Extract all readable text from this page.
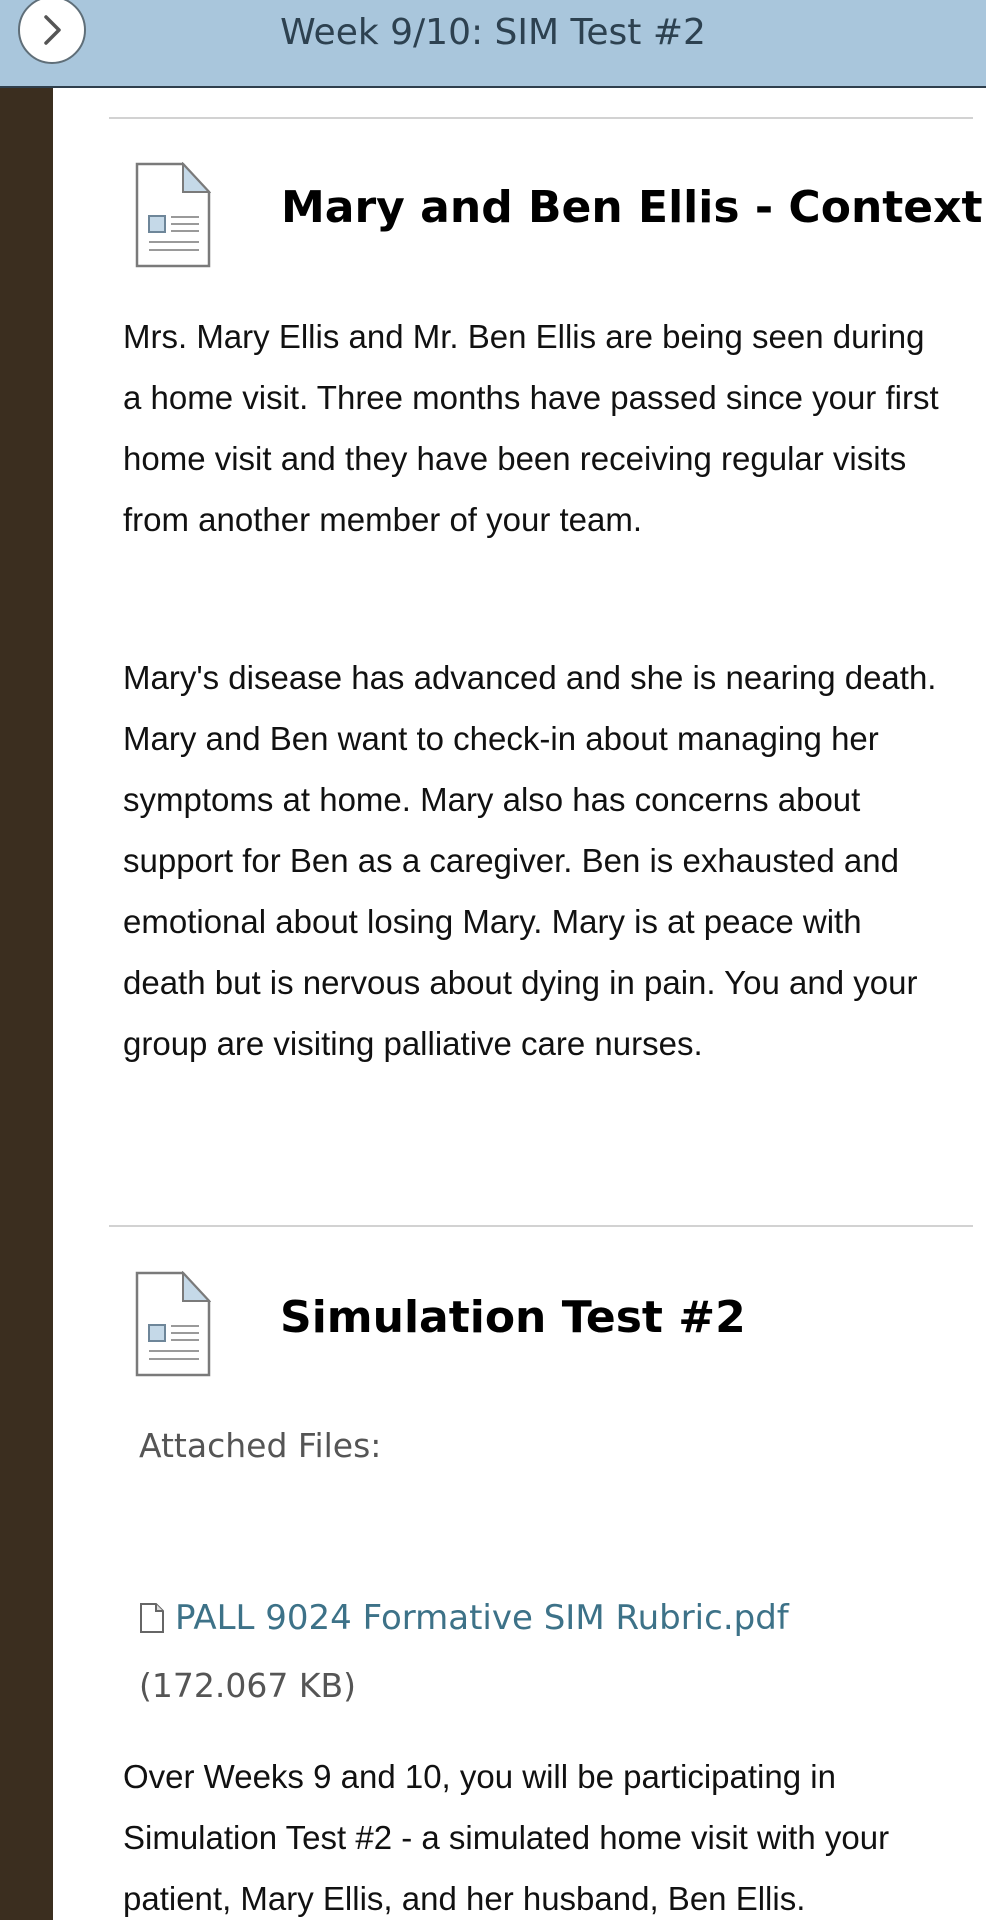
Week 9/10: SIM Test #2
Mary and Ben Ellis - Context

Mrs. Mary Ellis and Mr. Ben Ellis are being seen during a home visit. Three months have passed since your first home visit and they have been receiving regular visits from another member of your team.

Mary's disease has advanced and she is nearing death. Mary and Ben want to check-in about managing her symptoms at home. Mary also has concerns about support for Ben as a caregiver. Ben is exhausted and emotional about losing Mary. Mary is at peace with death but is nervous about dying in pain. You and your group are visiting palliative care nurses.

Simulation Test #2
Attached Files:
PALL 9024 Formative SIM Rubric.pdf
(172.067 KB)

Over Weeks 9 and 10, you will be participating in Simulation Test #2 - a simulated home visit with your patient, Mary Ellis, and her husband, Ben Ellis.
